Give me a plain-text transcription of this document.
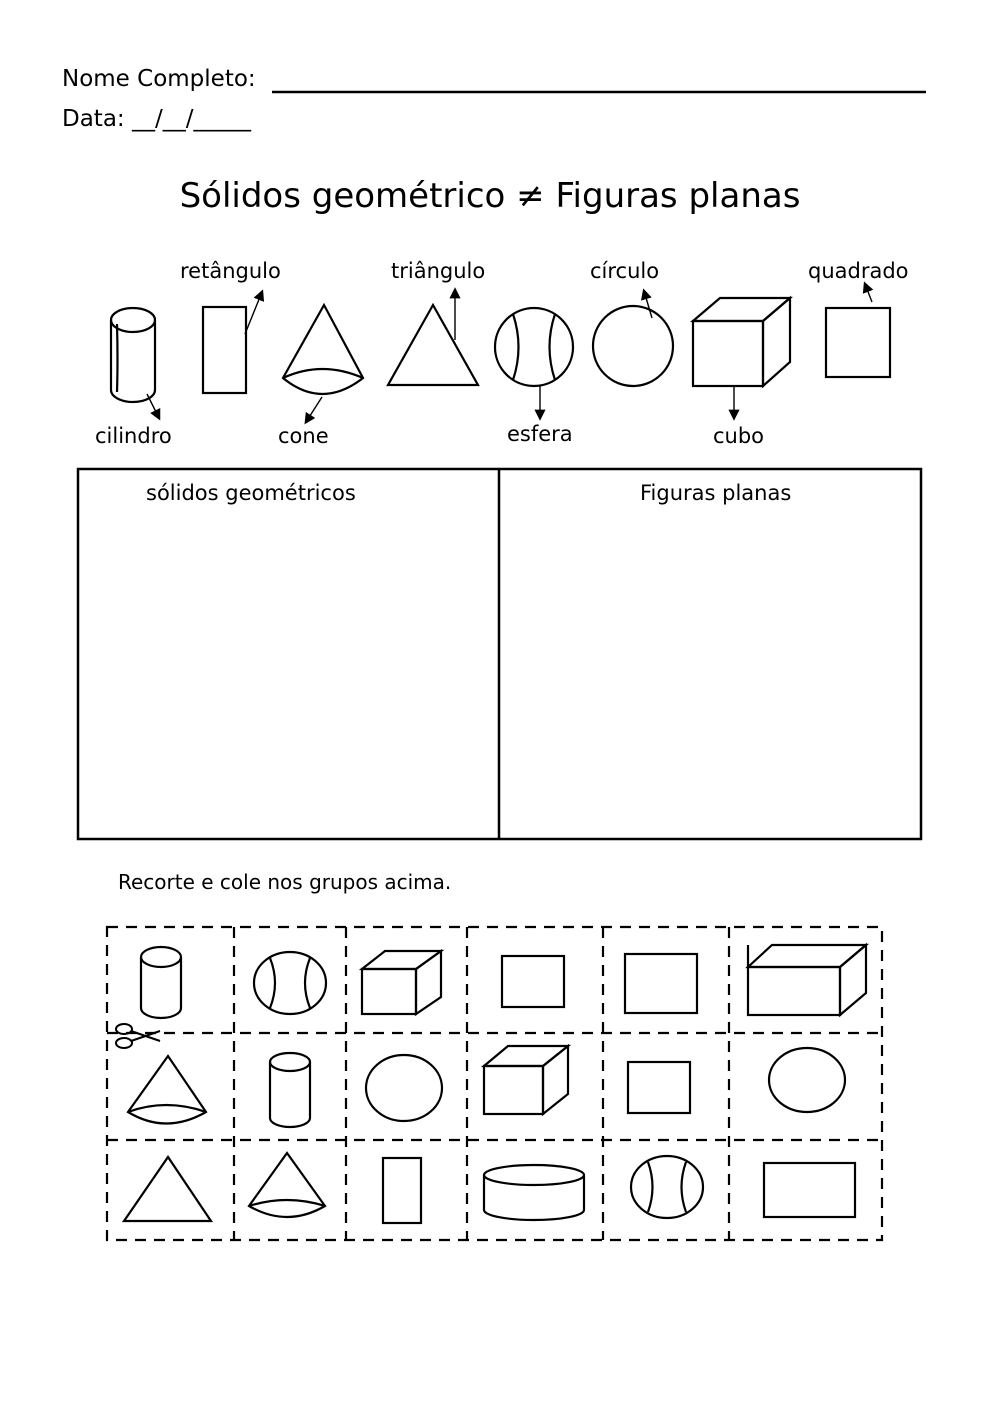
Nome Completo:
Data: __/__/_____
Sólidos geométrico ≠ Figuras planas
retângulo	triângulo	círculo	quadrado
cilindro	cone	esfera	cubo
sólidos geométricos	Figuras planas
Recorte e cole nos grupos acima.
